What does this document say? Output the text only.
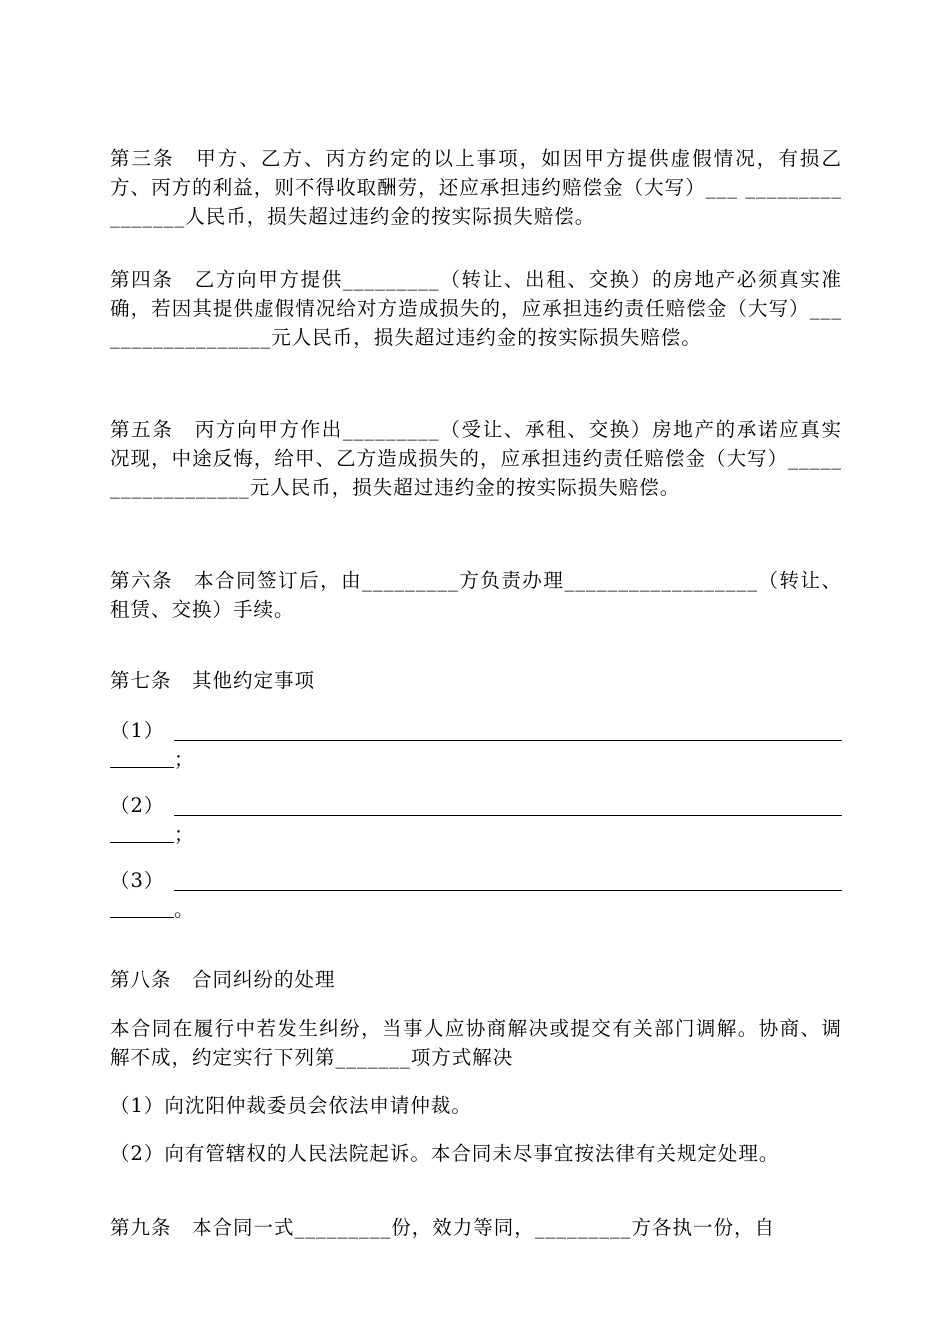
第三条　甲方、乙方、丙方约定的以上事项，如因甲方提供虚假情况，有损乙方、丙方的利益，则不得收取酬劳，还应承担违约赔偿金（大写）___ ________________人民币，损失超过违约金的按实际损失赔偿。

第四条　乙方向甲方提供_________（转让、出租、交换）的房地产必须真实准确，若因其提供虚假情况给对方造成损失的，应承担违约责任赔偿金（大写）__________________元人民币，损失超过违约金的按实际损失赔偿。

第五条　丙方向甲方作出_________（受让、承租、交换）房地产的承诺应真实况现，中途反悔，给甲、乙方造成损失的，应承担违约责任赔偿金（大写）__________________元人民币，损失超过违约金的按实际损失赔偿。

第六条　本合同签订后，由_________方负责办理__________________（转让、租赁、交换）手续。

第七条　其他约定事项

（1）
；
（2）
；
（3）
。

第八条　合同纠纷的处理

本合同在履行中若发生纠纷，当事人应协商解决或提交有关部门调解。协商、调解不成，约定实行下列第_______项方式解决

（1）向沈阳仲裁委员会依法申请仲裁。

（2）向有管辖权的人民法院起诉。本合同未尽事宜按法律有关规定处理。

第九条　本合同一式_________份，效力等同，_________方各执一份，自
